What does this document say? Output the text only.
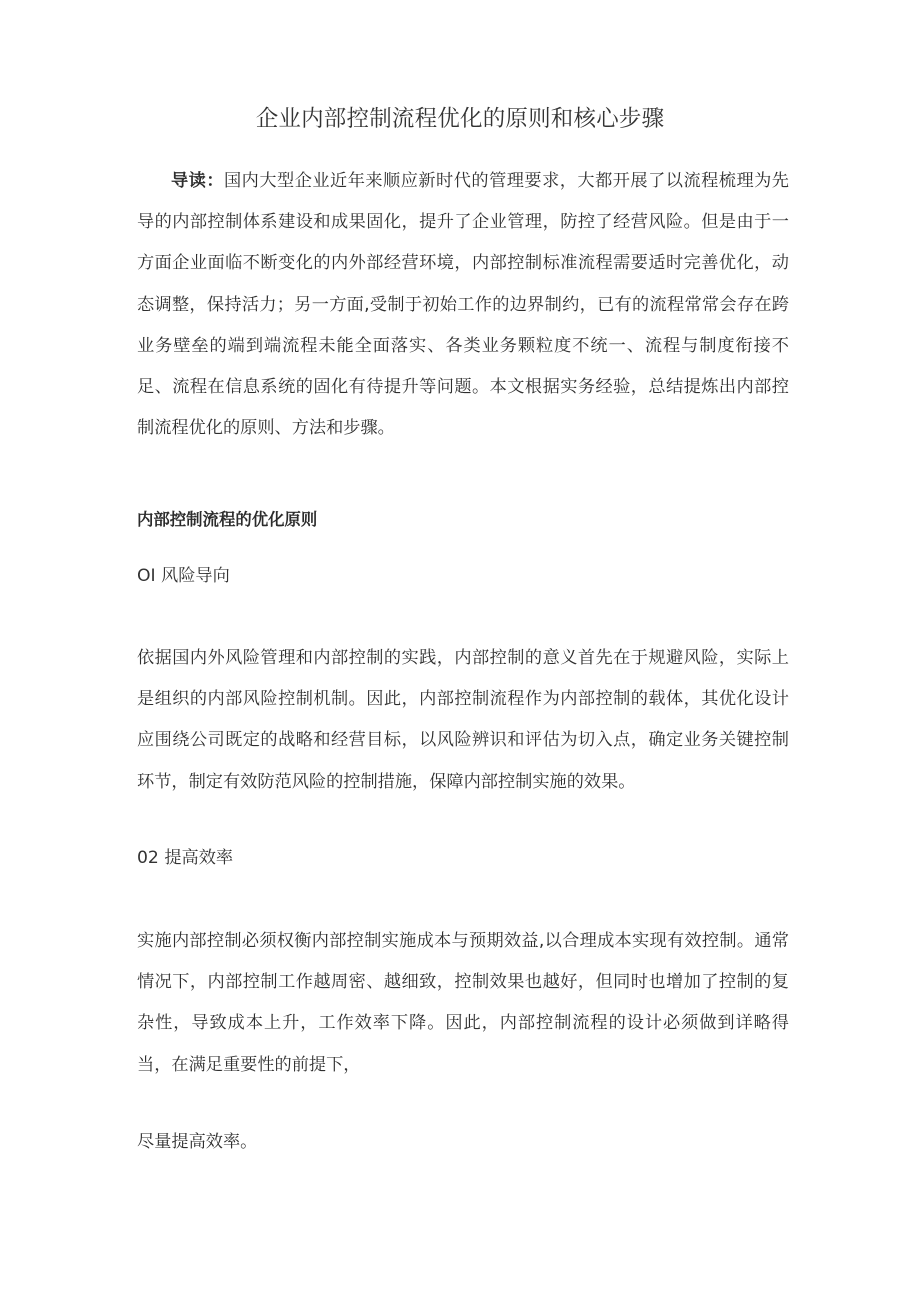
企业内部控制流程优化的原则和核心步骤
导读：国内大型企业近年来顺应新时代的管理要求，大都开展了以流程梳理为先导的内部控制体系建设和成果固化，提升了企业管理，防控了经营风险。但是由于一方面企业面临不断变化的内外部经营环境，内部控制标准流程需要适时完善优化，动态调整，保持活力；另一方面,受制于初始工作的边界制约，已有的流程常常会存在跨业务壁垒的端到端流程未能全面落实、各类业务颗粒度不统一、流程与制度衔接不足、流程在信息系统的固化有待提升等问题。本文根据实务经验，总结提炼出内部控制流程优化的原则、方法和步骤。
内部控制流程的优化原则
OI 风险导向
依据国内外风险管理和内部控制的实践，内部控制的意义首先在于规避风险，实际上是组织的内部风险控制机制。因此，内部控制流程作为内部控制的载体，其优化设计应围绕公司既定的战略和经营目标，以风险辨识和评估为切入点，确定业务关键控制环节，制定有效防范风险的控制措施，保障内部控制实施的效果。
02 提高效率
实施内部控制必须权衡内部控制实施成本与预期效益,以合理成本实现有效控制。通常情况下，内部控制工作越周密、越细致，控制效果也越好，但同时也增加了控制的复杂性，导致成本上升，工作效率下降。因此，内部控制流程的设计必须做到详略得当，在满足重要性的前提下，
尽量提高效率。
